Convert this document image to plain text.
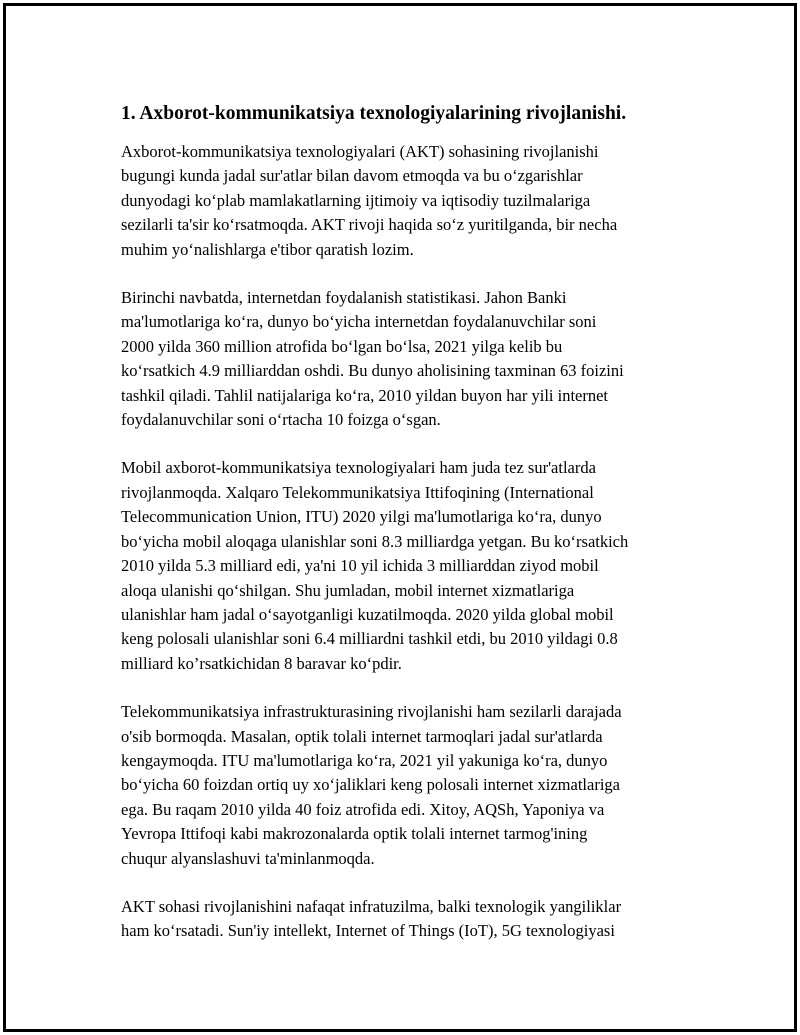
1. Axborot-kommunikatsiya texnologiyalarining rivojlanishi.

Axborot-kommunikatsiya texnologiyalari (AKT) sohasining rivojlanishi
bugungi kunda jadal sur'atlar bilan davom etmoqda va bu oʻzgarishlar
dunyodagi koʻplab mamlakatlarning ijtimoiy va iqtisodiy tuzilmalariga
sezilarli ta'sir koʻrsatmoqda. AKT rivoji haqida soʻz yuritilganda, bir necha
muhim yoʻnalishlarga e'tibor qaratish lozim.

Birinchi navbatda, internetdan foydalanish statistikasi. Jahon Banki
ma'lumotlariga koʻra, dunyo boʻyicha internetdan foydalanuvchilar soni
2000 yilda 360 million atrofida boʻlgan boʻlsa, 2021 yilga kelib bu
koʻrsatkich 4.9 milliarddan oshdi. Bu dunyo aholisining taxminan 63 foizini
tashkil qiladi. Tahlil natijalariga koʻra, 2010 yildan buyon har yili internet
foydalanuvchilar soni oʻrtacha 10 foizga oʻsgan.

Mobil axborot-kommunikatsiya texnologiyalari ham juda tez sur'atlarda
rivojlanmoqda. Xalqaro Telekommunikatsiya Ittifoqining (International
Telecommunication Union, ITU) 2020 yilgi ma'lumotlariga koʻra, dunyo
boʻyicha mobil aloqaga ulanishlar soni 8.3 milliardga yetgan. Bu koʻrsatkich
2010 yilda 5.3 milliard edi, ya'ni 10 yil ichida 3 milliarddan ziyod mobil
aloqa ulanishi qoʻshilgan. Shu jumladan, mobil internet xizmatlariga
ulanishlar ham jadal oʻsayotganligi kuzatilmoqda. 2020 yilda global mobil
keng polosali ulanishlar soni 6.4 milliardni tashkil etdi, bu 2010 yildagi 0.8
milliard ko’rsatkichidan 8 baravar koʻpdir.

Telekommunikatsiya infrastrukturasining rivojlanishi ham sezilarli darajada
o'sib bormoqda. Masalan, optik tolali internet tarmoqlari jadal sur'atlarda
kengaymoqda. ITU ma'lumotlariga koʻra, 2021 yil yakuniga koʻra, dunyo
boʻyicha 60 foizdan ortiq uy xoʻjaliklari keng polosali internet xizmatlariga
ega. Bu raqam 2010 yilda 40 foiz atrofida edi. Xitoy, AQSh, Yaponiya va
Yevropa Ittifoqi kabi makrozonalarda optik tolali internet tarmog'ining
chuqur alyanslashuvi ta'minlanmoqda.

AKT sohasi rivojlanishini nafaqat infratuzilma, balki texnologik yangiliklar
ham koʻrsatadi. Sun'iy intellekt, Internet of Things (IoT), 5G texnologiyasi
